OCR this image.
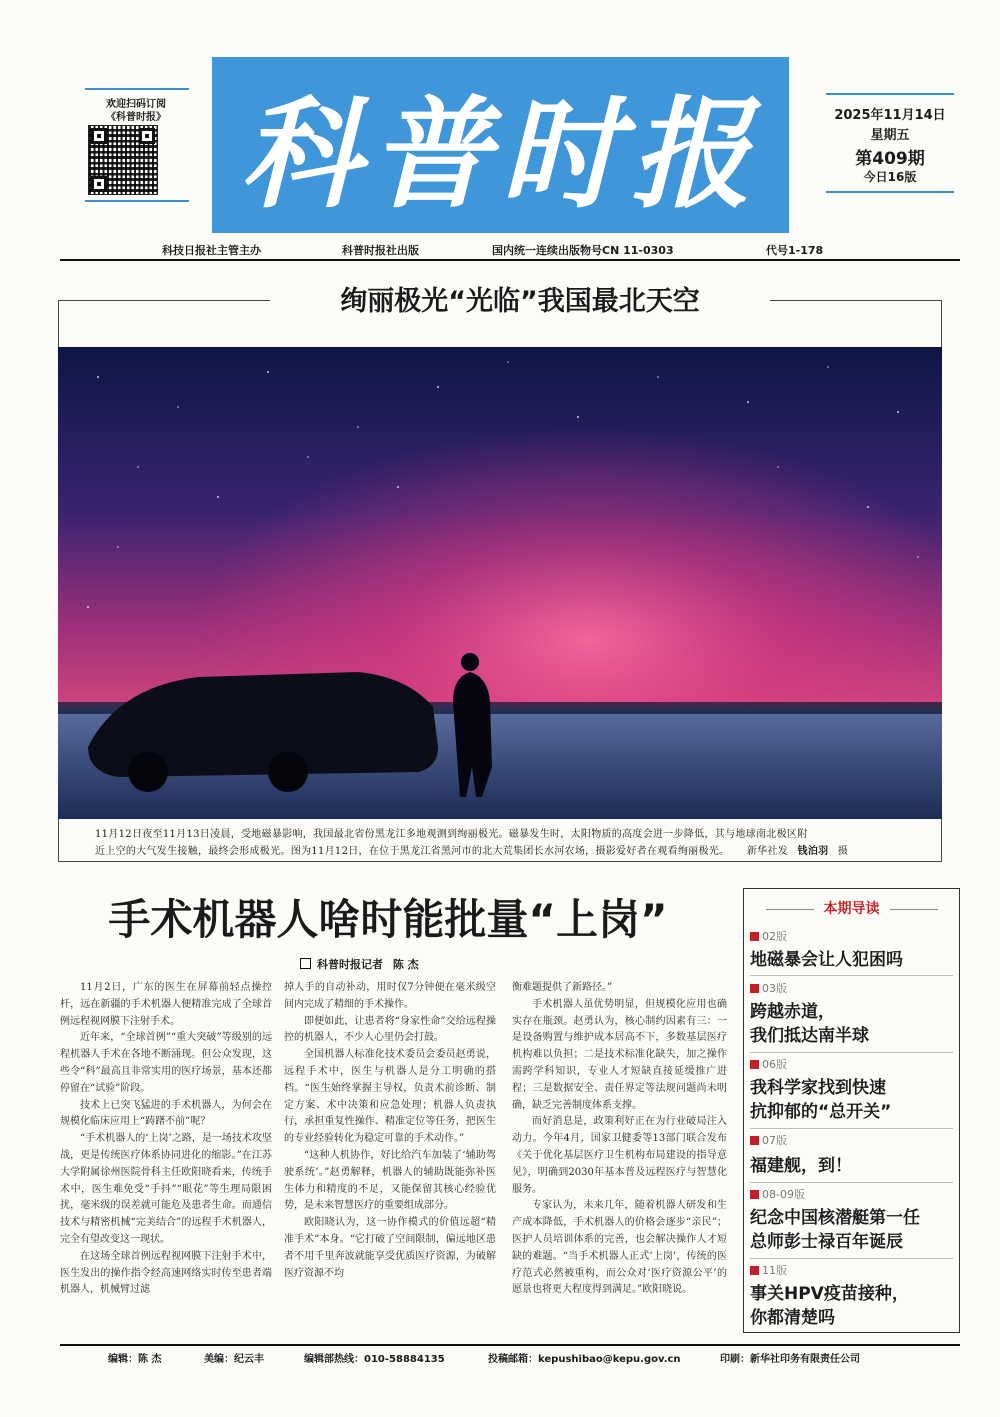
欢迎扫码订阅
《科普时报》 科普时报	2025年11月14日
星期五
第409期
今日16版
科技日报社主管主办	科普时报社出版	国内统一连续出版物号CN 11-0303	代号1-178
绚丽极光“光临”我国最北天空
11月12日夜至11月13日凌晨，受地磁暴影响，我国最北省份黑龙江多地观测到绚丽极光。磁暴发生时，太阳物质的高度会进一步降低，其与地球南北极区附
近上空的大气发生接触，最终会形成极光。图为11月12日，在位于黑龙江省黑河市的北大荒集团长水河农场，摄影爱好者在观看绚丽极光。 新华社发 钱泊羽 摄
手术机器人啥时能批量“上岗”
科普时报记者 陈 杰

11月2日，广东的医生在屏幕前轻点操控杆，远在新疆的手术机器人便精准完成了全球首例远程视网膜下注射手术。

近年来，“全球首例”“重大突破”等级别的远程机器人手术在各地不断涌现。但公众发现，这些令“科”最高且非常实用的医疗场景，基本还都停留在“试验”阶段。

技术上已突飞猛进的手术机器人，为何会在规模化临床应用上“踌躇不前”呢？

“手术机器人的‘上岗’之路，是一场技术攻坚战，更是传统医疗体系协同进化的缩影。”在江苏大学附属徐州医院骨科主任欧阳晓看来，传统手术中，医生难免受“手抖”“眼花”等生理局限困扰，毫米级的误差就可能危及患者生命。而通信技术与精密机械“完美结合”的远程手术机器人，完全有望改变这一现状。

在这场全球首例远程视网膜下注射手术中，医生发出的操作指令经高速网络实时传至患者端机器人，机械臂过滤

掉人手的自动补动，用时仅7分钟便在毫米级空间内完成了精细的手术操作。

即便如此，让患者将“身家性命”交给远程操控的机器人，不少人心里仍会打鼓。

全国机器人标准化技术委员会委员赵勇说，远程手术中，医生与机器人是分工明确的搭档。“医生始终掌握主导权，负责术前诊断、制定方案、术中决策和应急处理；机器人负责执行，承担重复性操作、精准定位等任务，把医生的专业经验转化为稳定可靠的手术动作。”

“这种人机协作，好比给汽车加装了‘辅助驾驶系统’。”赵勇解释，机器人的辅助既能弥补医生体力和精度的不足，又能保留其核心经验优势，是未来智慧医疗的重要组成部分。

欧阳晓认为，这一协作模式的价值远超“精准手术”本身。“它打破了空间限制，偏远地区患者不用千里奔波就能享受优质医疗资源，为破解医疗资源不均

衡难题提供了新路径。”

手术机器人虽优势明显，但规模化应用也确实存在瓶颈。赵勇认为，核心制约因素有三：一是设备购置与维护成本居高不下，多数基层医疗机构难以负担；二是技术标准化缺失，加之操作需跨学科知识，专业人才短缺直接延缓推广进程；三是数据安全、责任界定等法规问题尚未明确，缺乏完善制度体系支撑。

而好消息是，政策利好正在为行业破局注入动力。今年4月，国家卫健委等13部门联合发布《关于优化基层医疗卫生机构布局建设的指导意见》，明确到2030年基本普及远程医疗与智慧化服务。

专家认为，未来几年，随着机器人研发和生产成本降低，手术机器人的价格会逐步“亲民”；医护人员培训体系的完善，也会解决操作人才短缺的难题。“当手术机器人正式‘上岗’，传统的医疗范式必然被重构，而公众对‘医疗资源公平’的愿景也将更大程度得到满足。”欧阳晓说。

本期导读
02版
地磁暴会让人犯困吗
03版
跨越赤道，
我们抵达南半球
06版
我科学家找到快速
抗抑郁的“总开关”
07版
福建舰，到！
08-09版
纪念中国核潜艇第一任
总师彭士禄百年诞辰
11版
事关HPV疫苗接种，
你都清楚吗
编辑：陈 杰	美编：纪云丰	编辑部热线：010-58884135	投稿邮箱：kepushibao@kepu.gov.cn	印刷：新华社印务有限责任公司
